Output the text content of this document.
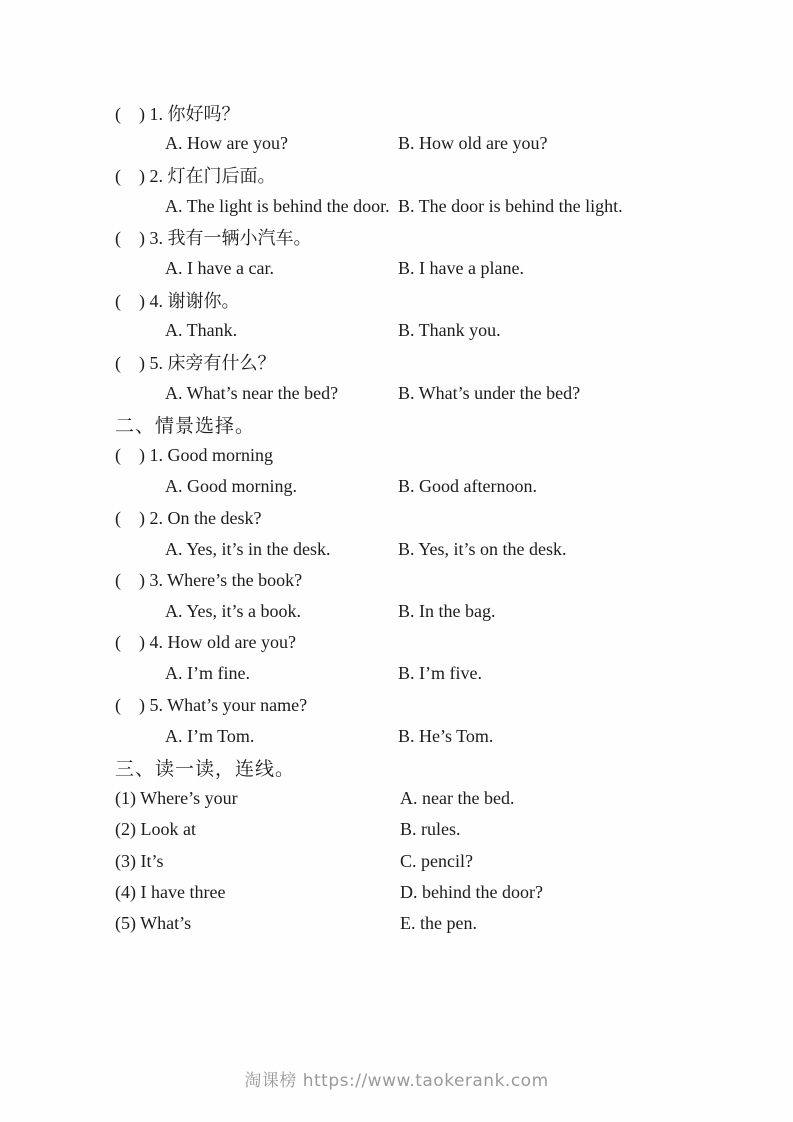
(    ) 1. 你好吗？
A. How are you?	B. How old are you?
(    ) 2. 灯在门后面。
A. The light is behind the door. B. The door is behind the light.
(    ) 3. 我有一辆小汽车。
A. I have a car.	B. I have a plane.
(    ) 4. 谢谢你。
A. Thank.	B. Thank you.
(    ) 5. 床旁有什么？
A. What’s near the bed?	B. What’s under the bed?
二、情景选择。
(    ) 1. Good morning
A. Good morning.	B. Good afternoon.
(    ) 2. On the desk?
A. Yes, it’s in the desk.	B. Yes, it’s on the desk.
(    ) 3. Where’s the book?
A. Yes, it’s a book.	B. In the bag.
(    ) 4. How old are you?
A. I’m fine.	B. I’m five.
(    ) 5. What’s your name?
A. I’m Tom.	B. He’s Tom.
三、读一读，连线。
(1) Where’s your	A. near the bed.
(2) Look at	B. rules.
(3) It’s	C. pencil?
(4) I have three	D. behind the door?
(5) What’s	E. the pen.
淘课榜 https://www.taokerank.com
